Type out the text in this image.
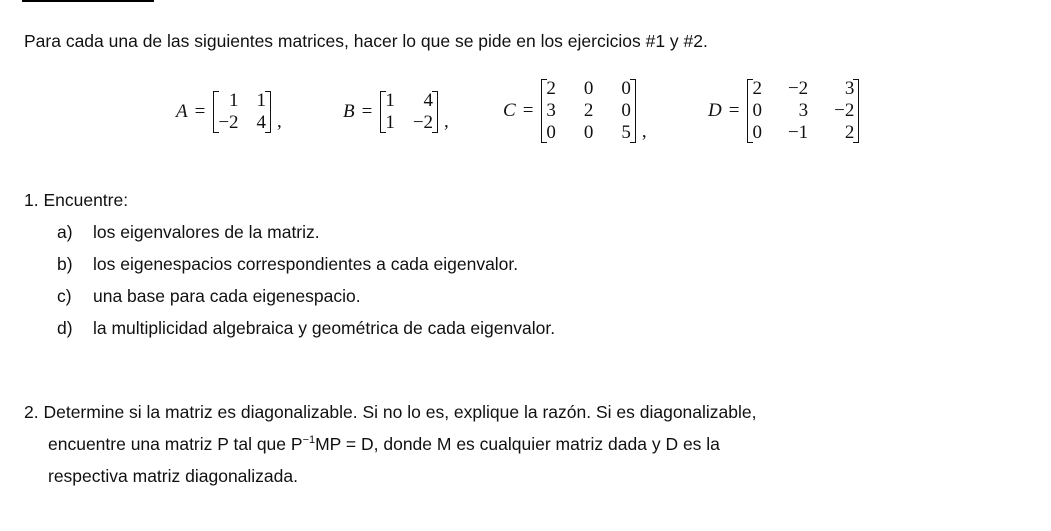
Para cada una de las siguientes matrices, hacer lo que se pide en los ejercicios #1 y #2.
A =
1 1
−2 4 ,	B =
1	4
1 −2 ,
C =
2 0 0
3 2 0
0 0 5 ,
D =
2 −2	3
0	3 −2
0 −1	2
1. Encuentre:
a)	los eigenvalores de la matriz.
b)	los eigenespacios correspondientes a cada eigenvalor.
c)	una base para cada eigenespacio.
d)	la multiplicidad algebraica y geométrica de cada eigenvalor.
2. Determine si la matriz es diagonalizable. Si no lo es, explique la razón. Si es diagonalizable,
encuentre una matriz P tal que $P^{-1}MP = D$, donde M es cualquier matriz dada y D es la
respectiva matriz diagonalizada.
